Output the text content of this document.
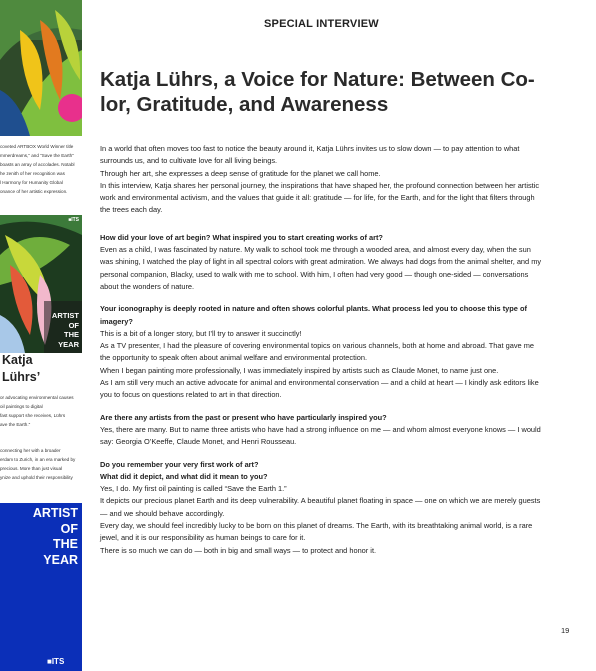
coveted ARTBOX World Winner title
mmerdreams," and "Save the Earth"
boasts an array of accolades. Notabl
he zenith of her recognition was
l Harmony for Humanity Global
onance of her artistic expression.
■ITS
ARTIST
OF
THE
YEAR
Katja
Lührs’
or advocating environmental causes
oil paintings to digital
fast support she receives, Lührs
ave the Earth."
connecting her with a broader
erdam to Zurich, in an era marked by
precious. More than just visual
ynize and uphold their responsibility
ARTIST
OF
THE
YEAR
■ITS
SPECIAL INTERVIEW
Katja Lührs, a Voice for Nature: Between Co-
lor, Gratitude, and Awareness

In a world that often moves too fast to notice the beauty around it, Katja Lührs invites us to slow down — to pay attention to what surrounds us, and to cultivate love for all living beings.

Through her art, she expresses a deep sense of gratitude for the planet we call home.

In this interview, Katja shares her personal journey, the inspirations that have shaped her, the profound connection between her artistic work and environmental activism, and the values that guide it all: gratitude — for life, for the Earth, and for the light that filters through the trees each day.

How did your love of art begin? What inspired you to start creating works of art?

Even as a child, I was fascinated by nature. My walk to school took me through a wooded area, and almost every day, when the sun was shining, I watched the play of light in all spectral colors with great admiration. We always had dogs from the animal shelter, and my personal companion, Blacky, used to walk with me to school. With him, I often had very good — though one-sided — conversations about the wonders of nature.

Your iconography is deeply rooted in nature and often shows colorful plants. What process led you to choose this type of imagery?

This is a bit of a longer story, but I’ll try to answer it succinctly!

As a TV presenter, I had the pleasure of covering environmental topics on various channels, both at home and abroad. That gave me the opportunity to speak often about animal welfare and environmental protection.

When I began painting more professionally, I was immediately inspired by artists such as Claude Monet, to name just one.

As I am still very much an active advocate for animal and environmental conservation — and a child at heart — I kindly ask editors like you to focus on questions related to art in that direction.

Are there any artists from the past or present who have particularly inspired you?

Yes, there are many. But to name three artists who have had a strong influence on me — and whom almost everyone knows — I would say: Georgia O’Keeffe, Claude Monet, and Henri Rousseau.

Do you remember your very first work of art?

What did it depict, and what did it mean to you?

Yes, I do. My first oil painting is called “Save the Earth 1.”

It depicts our precious planet Earth and its deep vulnerability. A beautiful planet floating in space — one on which we are merely guests — and we should behave accordingly.

Every day, we should feel incredibly lucky to be born on this planet of dreams. The Earth, with its breathtaking animal world, is a rare jewel, and it is our responsibility as human beings to care for it.

There is so much we can do — both in big and small ways — to protect and honor it.

19
